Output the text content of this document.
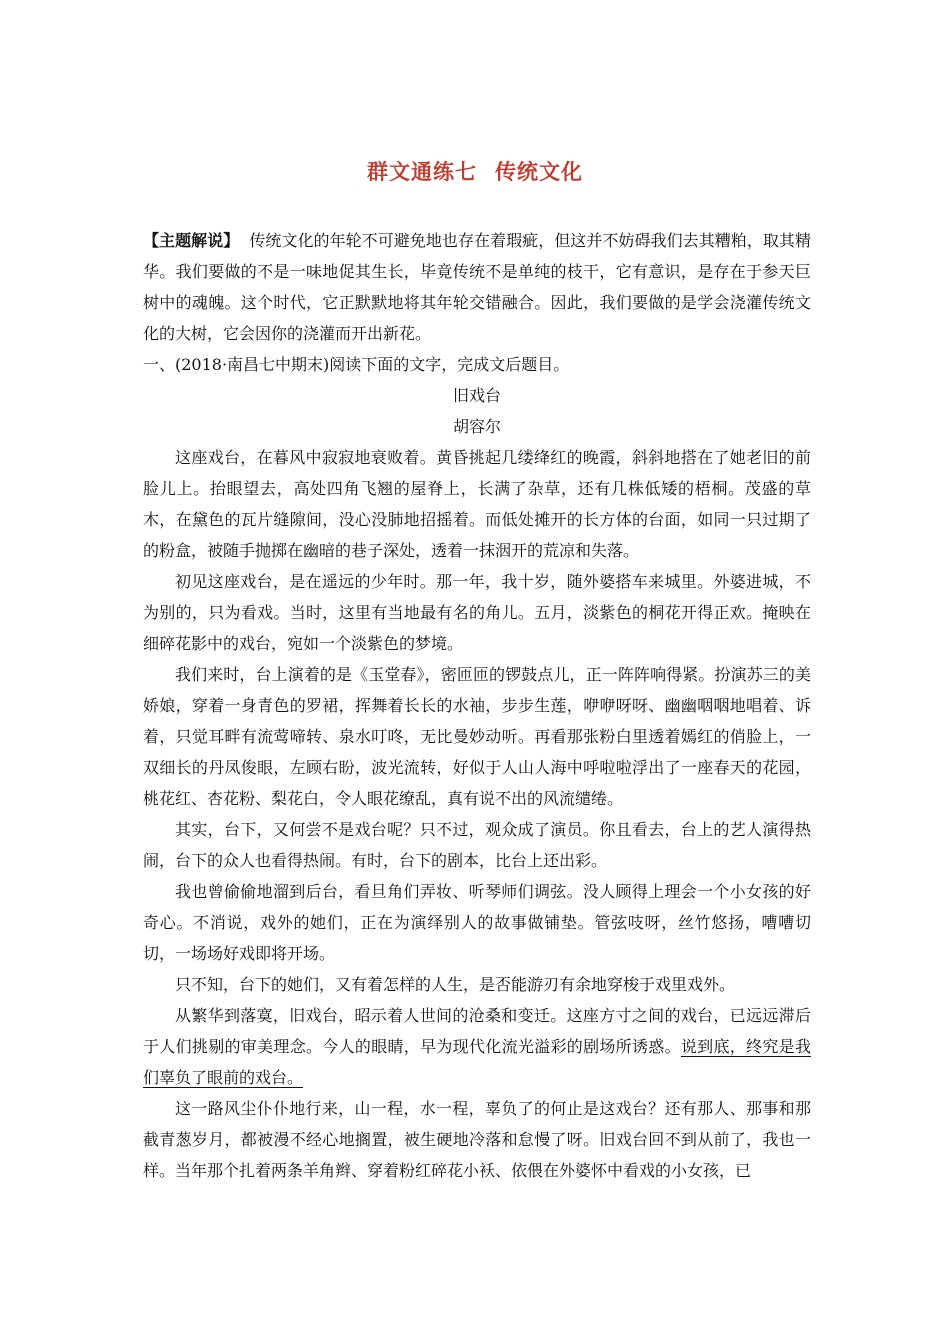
群文通练七 传统文化

【主题解说】 传统文化的年轮不可避免地也存在着瑕疵，但这并不妨碍我们去其糟粕，取其精华。我们要做的不是一味地促其生长，毕竟传统不是单纯的枝干，它有意识，是存在于参天巨树中的魂魄。这个时代，它正默默地将其年轮交错融合。因此，我们要做的是学会浇灌传统文化的大树，它会因你的浇灌而开出新花。

一、(2018·南昌七中期末)阅读下面的文字，完成文后题目。

旧戏台

胡容尔

这座戏台，在暮风中寂寂地衰败着。黄昏挑起几缕绛红的晚霞，斜斜地搭在了她老旧的前脸儿上。抬眼望去，高处四角飞翘的屋脊上，长满了杂草，还有几株低矮的梧桐。茂盛的草木，在黛色的瓦片缝隙间，没心没肺地招摇着。而低处摊开的长方体的台面，如同一只过期了的粉盒，被随手抛掷在幽暗的巷子深处，透着一抹洇开的荒凉和失落。

初见这座戏台，是在遥远的少年时。那一年，我十岁，随外婆搭车来城里。外婆进城，不为别的，只为看戏。当时，这里有当地最有名的角儿。五月，淡紫色的桐花开得正欢。掩映在细碎花影中的戏台，宛如一个淡紫色的梦境。

我们来时，台上演着的是《玉堂春》，密匝匝的锣鼓点儿，正一阵阵响得紧。扮演苏三的美娇娘，穿着一身青色的罗裙，挥舞着长长的水袖，步步生莲，咿咿呀呀、幽幽咽咽地唱着、诉着，只觉耳畔有流莺啼转、泉水叮咚，无比曼妙动听。再看那张粉白里透着嫣红的俏脸上，一双细长的丹凤俊眼，左顾右盼，波光流转，好似于人山人海中呼啦啦浮出了一座春天的花园，桃花红、杏花粉、梨花白，令人眼花缭乱，真有说不出的风流缱绻。

其实，台下，又何尝不是戏台呢？只不过，观众成了演员。你且看去，台上的艺人演得热闹，台下的众人也看得热闹。有时，台下的剧本，比台上还出彩。

我也曾偷偷地溜到后台，看旦角们弄妆、听琴师们调弦。没人顾得上理会一个小女孩的好奇心。不消说，戏外的她们，正在为演绎别人的故事做铺垫。管弦吱呀，丝竹悠扬，嘈嘈切切，一场场好戏即将开场。

只不知，台下的她们，又有着怎样的人生，是否能游刃有余地穿梭于戏里戏外。

从繁华到落寞，旧戏台，昭示着人世间的沧桑和变迁。这座方寸之间的戏台，已远远滞后于人们挑剔的审美理念。今人的眼睛，早为现代化流光溢彩的剧场所诱惑。说到底，终究是我们辜负了眼前的戏台。

这一路风尘仆仆地行来，山一程，水一程，辜负了的何止是这戏台？还有那人、那事和那截青葱岁月，都被漫不经心地搁置，被生硬地冷落和怠慢了呀。旧戏台回不到从前了，我也一样。当年那个扎着两条羊角辫、穿着粉红碎花小袄、依偎在外婆怀中看戏的小女孩，已
